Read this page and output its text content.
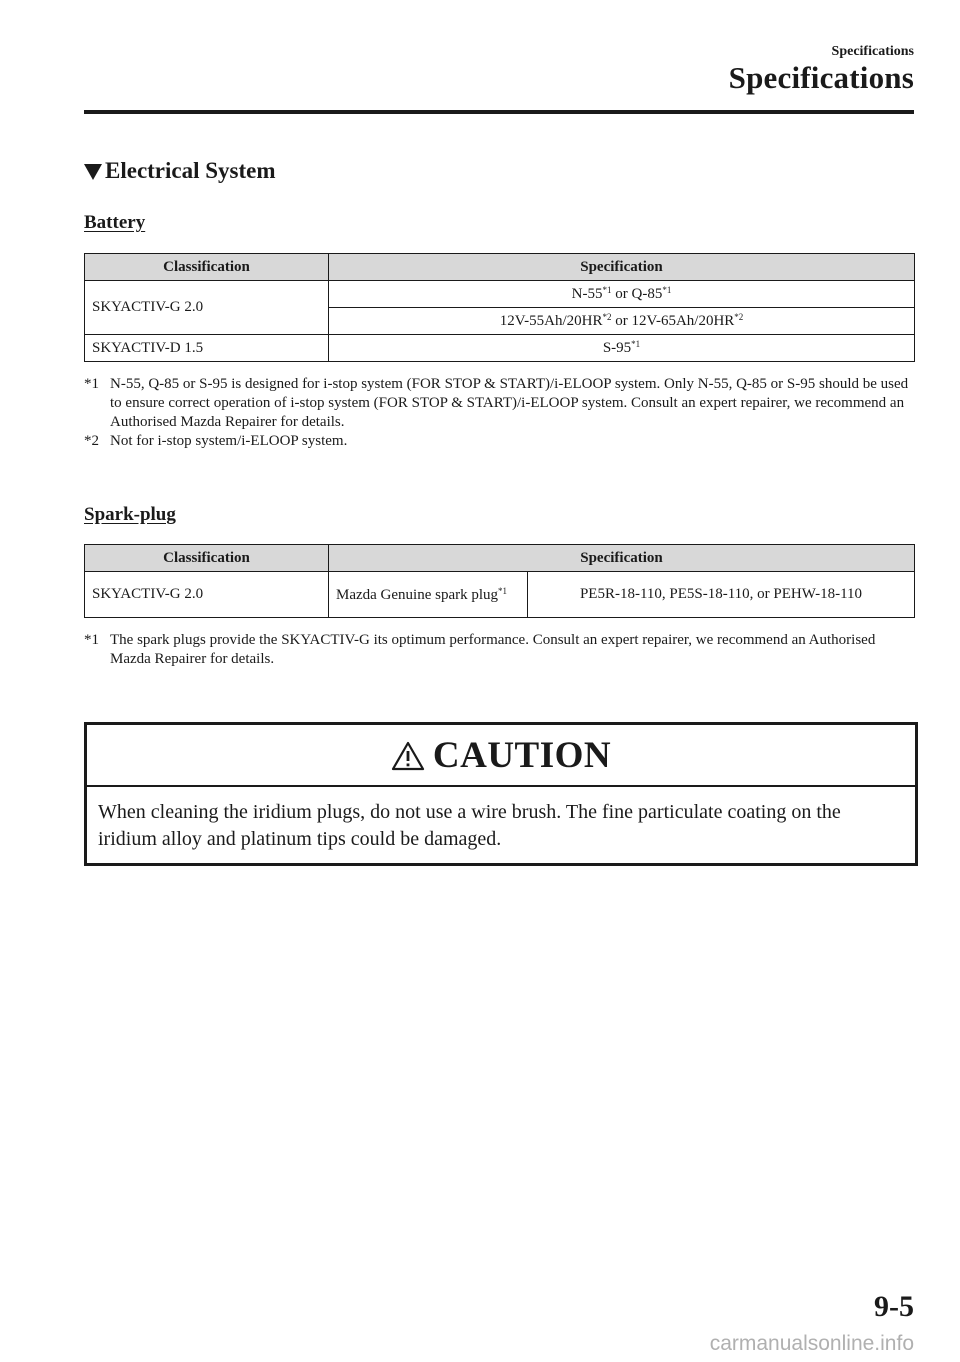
Specifications
Specifications
Electrical System
Battery
Classification	Specification
SKYACTIV-G 2.0	N-55$^{*1}$ or Q-85$^{*1}$
	12V-55Ah/20HR$^{*2}$ or 12V-65Ah/20HR$^{*2}$
SKYACTIV-D 1.5	S-95$^{*1}$
*1 N-55, Q-85 or S-95 is designed for i-stop system (FOR STOP & START)/i-ELOOP system. Only N-55, Q-85 or S-95 should be used to ensure correct operation of i-stop system (FOR STOP & START)/i-ELOOP system. Consult an expert repairer, we recommend an Authorised Mazda Repairer for details.
*2 Not for i-stop system/i-ELOOP system.
Spark-plug
Classification	Specification	
SKYACTIV-G 2.0	Mazda Genuine spark plug$^{*1}$	PE5R-18-110, PE5S-18-110, or PEHW-18-110
*1 The spark plugs provide the SKYACTIV-G its optimum performance. Consult an expert repairer, we recommend an Authorised Mazda Repairer for details.
CAUTION
When cleaning the iridium plugs, do not use a wire brush. The fine particulate coating on the iridium alloy and platinum tips could be damaged.
9-5
carmanualsonline.info
